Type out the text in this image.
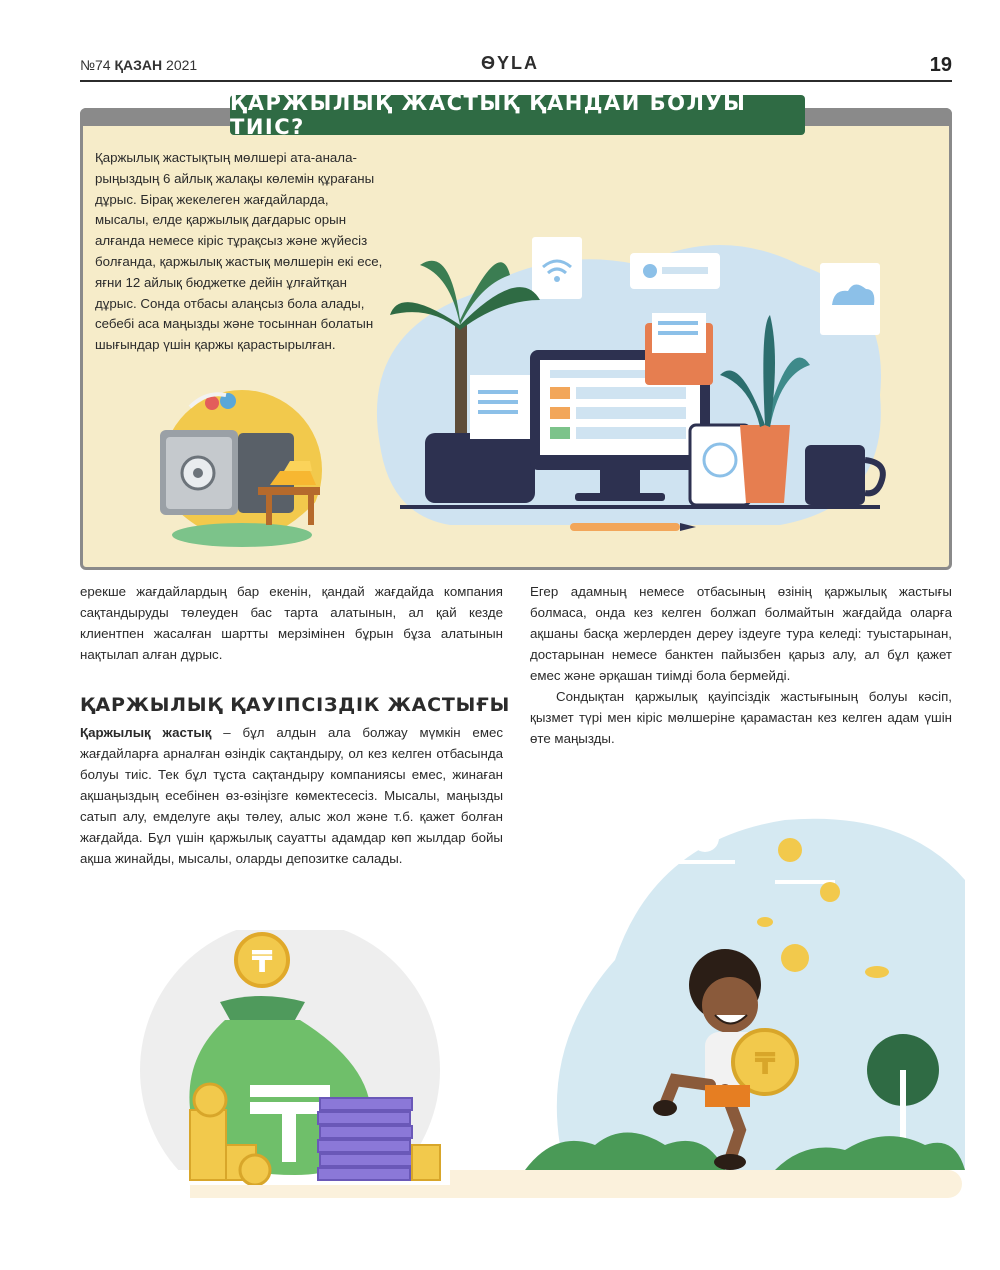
№74 ҚАЗАН 2021	ѲYLA	19
ҚАРЖЫЛЫҚ ЖАСТЫҚ ҚАНДАЙ БОЛУЫ ТИІС?
Қаржылық жастықтың мөлшері ата-аналарыңыздың 6 айлық жалақы көлемін құрағаны дұрыс. Бірақ жекелеген жағдайларда, мысалы, елде қаржылық дағдарыс орын алғанда немесе кіріс тұрақсыз және жүйесіз болғанда, қаржылық жастық мөлшерін екі есе, яғни 12 айлық бюджетке дейін ұлғайтқан дұрыс. Сонда отбасы алаңсыз бола алады, себебі аса маңызды және тосыннан болатын шығындар үшін қаржы қарастырылған.
ерекше жағдайлардың бар екенін, қандай жағдайда компания сақтандыруды төлеуден бас тарта алатынын, ал қай кезде клиентпен жасалған шартты мерзімінен бұрын бұза алатынын нақтылап алған дұрыс.
ҚАРЖЫЛЫҚ ҚАУІПСІЗДІК ЖАСТЫҒЫ
Қаржылық жастық – бұл алдын ала болжау мүмкін емес жағдайларға арналған өзіндік сақтандыру, ол кез келген отбасында болуы тиіс. Тек бұл тұста сақтандыру компаниясы емес, жинаған ақшаңыздың есебінен өз-өзіңізге көмектесесіз. Мысалы, маңызды сатып алу, емделуге ақы төлеу, алыс жол және т.б. қажет болған жағдайда. Бұл үшін қаржылық сауатты адамдар көп жылдар бойы ақша жинайды, мысалы, оларды депозитке салады.

Егер адамның немесе отбасының өзінің қаржылық жастығы болмаса, онда кез келген болжап болмайтын жағдайда оларға ақшаны басқа жерлерден дереу іздеуге тура келеді: туыстарынан, достарынан немесе банктен пайызбен қарыз алу, ал бұл қажет емес және әрқашан тиімді бола бермейді.

Сондықтан қаржылық қауіпсіздік жастығының болуы кәсіп, қызмет түрі мен кіріс мөлшеріне қарамастан кез келген адам үшін өте маңызды.

₸
₸
